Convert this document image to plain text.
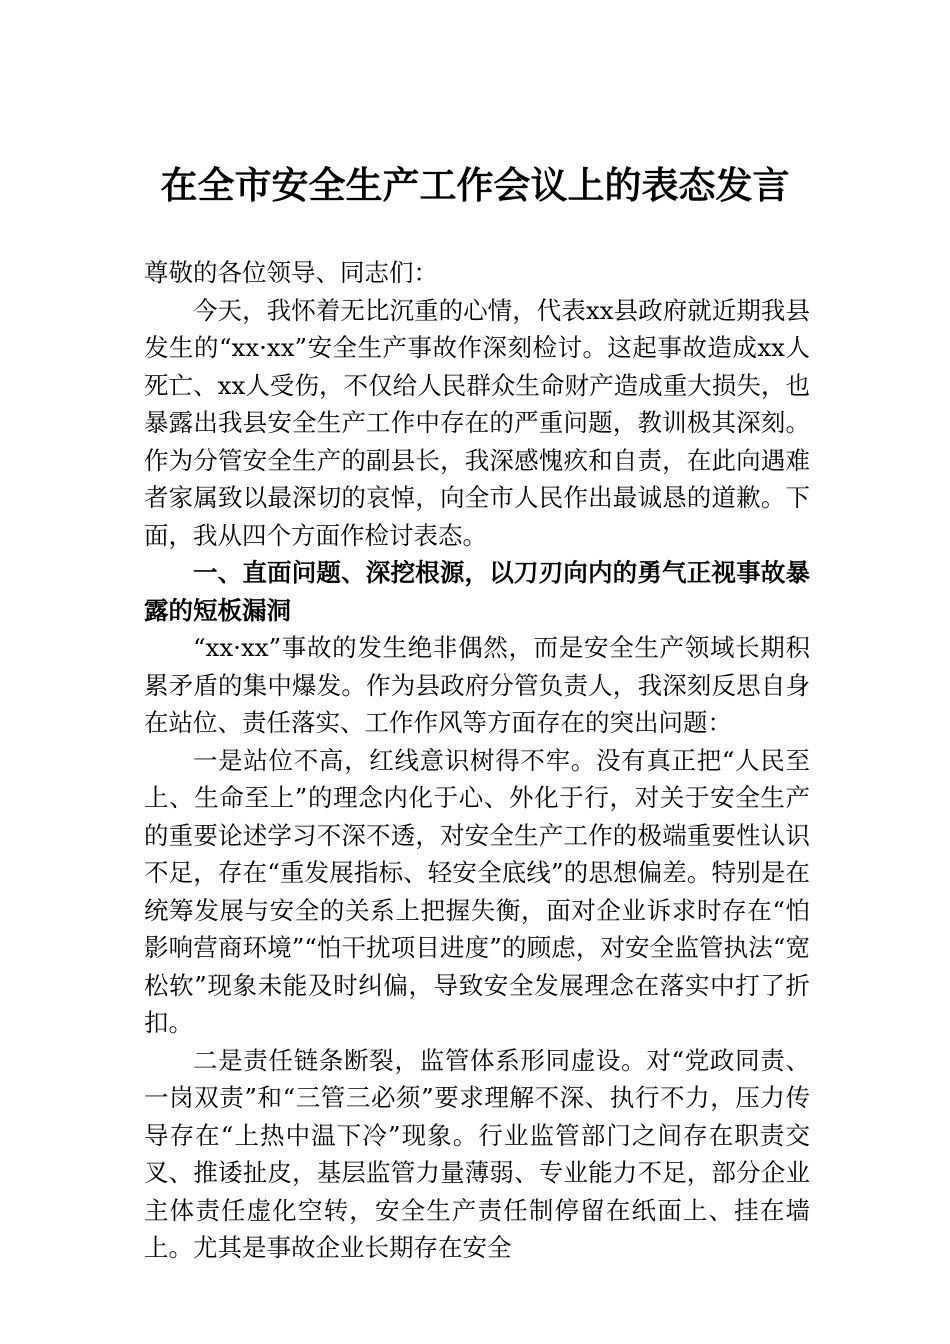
在全市安全生产工作会议上的表态发言

尊敬的各位领导、同志们：

今天，我怀着无比沉重的心情，代表xx县政府就近期我县发生的“xx·xx”安全生产事故作深刻检讨。这起事故造成xx人死亡、xx人受伤，不仅给人民群众生命财产造成重大损失，也暴露出我县安全生产工作中存在的严重问题，教训极其深刻。作为分管安全生产的副县长，我深感愧疚和自责，在此向遇难者家属致以最深切的哀悼，向全市人民作出最诚恳的道歉。下面，我从四个方面作检讨表态。

一、直面问题、深挖根源，以刀刃向内的勇气正视事故暴露的短板漏洞

“xx·xx”事故的发生绝非偶然，而是安全生产领域长期积累矛盾的集中爆发。作为县政府分管负责人，我深刻反思自身在站位、责任落实、工作作风等方面存在的突出问题：

一是站位不高，红线意识树得不牢。没有真正把“人民至上、生命至上”的理念内化于心、外化于行，对关于安全生产的重要论述学习不深不透，对安全生产工作的极端重要性认识不足，存在“重发展指标、轻安全底线”的思想偏差。特别是在统筹发展与安全的关系上把握失衡，面对企业诉求时存在“怕影响营商环境”“怕干扰项目进度”的顾虑，对安全监管执法“宽松软”现象未能及时纠偏，导致安全发展理念在落实中打了折扣。

二是责任链条断裂，监管体系形同虚设。对“党政同责、一岗双责”和“三管三必须”要求理解不深、执行不力，压力传导存在“上热中温下冷”现象。行业监管部门之间存在职责交叉、推诿扯皮，基层监管力量薄弱、专业能力不足，部分企业主体责任虚化空转，安全生产责任制停留在纸面上、挂在墙上。尤其是事故企业长期存在安全
